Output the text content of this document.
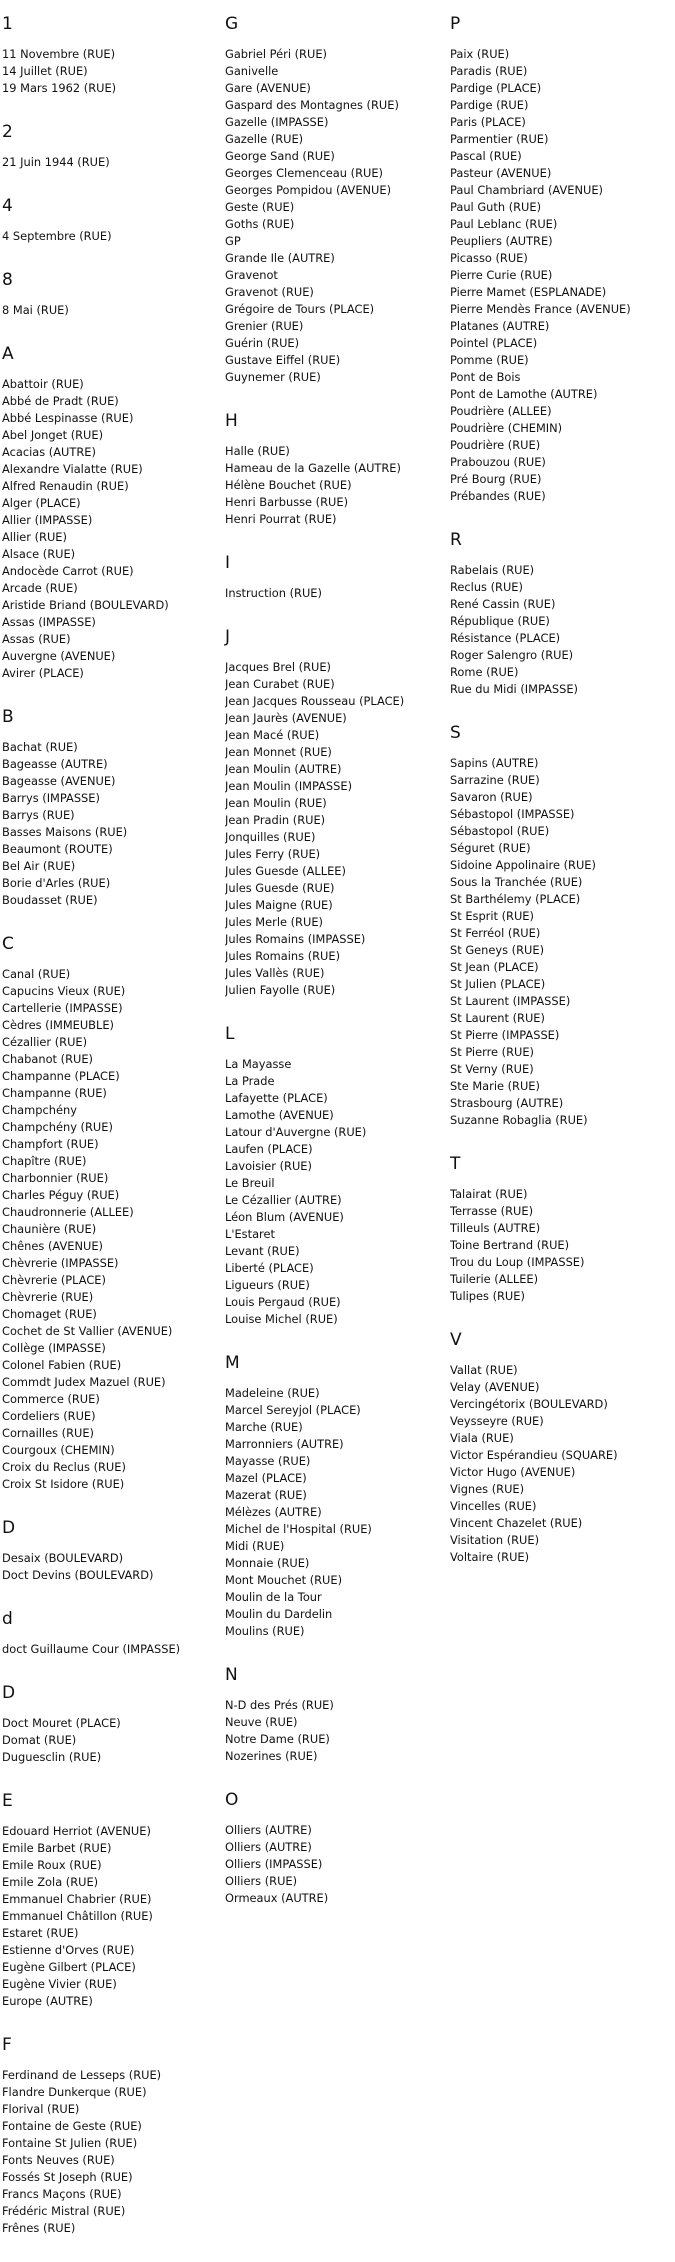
1
11 Novembre (RUE)
14 Juillet (RUE)
19 Mars 1962 (RUE)
2
21 Juin 1944 (RUE)
4
4 Septembre (RUE)
8
8 Mai (RUE)
A
Abattoir (RUE)
Abbé de Pradt (RUE)
Abbé Lespinasse (RUE)
Abel Jonget (RUE)
Acacias (AUTRE)
Alexandre Vialatte (RUE)
Alfred Renaudin (RUE)
Alger (PLACE)
Allier (IMPASSE)
Allier (RUE)
Alsace (RUE)
Andocède Carrot (RUE)
Arcade (RUE)
Aristide Briand (BOULEVARD)
Assas (IMPASSE)
Assas (RUE)
Auvergne (AVENUE)
Avirer (PLACE)
B
Bachat (RUE)
Bageasse (AUTRE)
Bageasse (AVENUE)
Barrys (IMPASSE)
Barrys (RUE)
Basses Maisons (RUE)
Beaumont (ROUTE)
Bel Air (RUE)
Borie d'Arles (RUE)
Boudasset (RUE)
C
Canal (RUE)
Capucins Vieux (RUE)
Cartellerie (IMPASSE)
Cèdres (IMMEUBLE)
Cézallier (RUE)
Chabanot (RUE)
Champanne (PLACE)
Champanne (RUE)
Champchény
Champchény (RUE)
Champfort (RUE)
Chapître (RUE)
Charbonnier (RUE)
Charles Péguy (RUE)
Chaudronnerie (ALLEE)
Chaunière (RUE)
Chênes (AVENUE)
Chèvrerie (IMPASSE)
Chèvrerie (PLACE)
Chèvrerie (RUE)
Chomaget (RUE)
Cochet de St Vallier (AVENUE)
Collège (IMPASSE)
Colonel Fabien (RUE)
Commdt Judex Mazuel (RUE)
Commerce (RUE)
Cordeliers (RUE)
Cornailles (RUE)
Courgoux (CHEMIN)
Croix du Reclus (RUE)
Croix St Isidore (RUE)
D
Desaix (BOULEVARD)
Doct Devins (BOULEVARD)
d
doct Guillaume Cour (IMPASSE)
D
Doct Mouret (PLACE)
Domat (RUE)
Duguesclin (RUE)
E
Edouard Herriot (AVENUE)
Emile Barbet (RUE)
Emile Roux (RUE)
Emile Zola (RUE)
Emmanuel Chabrier (RUE)
Emmanuel Châtillon (RUE)
Estaret (RUE)
Estienne d'Orves (RUE)
Eugène Gilbert (PLACE)
Eugène Vivier (RUE)
Europe (AUTRE)
F
Ferdinand de Lesseps (RUE)
Flandre Dunkerque (RUE)
Florival (RUE)
Fontaine de Geste (RUE)
Fontaine St Julien (RUE)
Fonts Neuves (RUE)
Fossés St Joseph (RUE)
Francs Maçons (RUE)
Frédéric Mistral (RUE)
Frênes (RUE)
G
Gabriel Péri (RUE)
Ganivelle
Gare (AVENUE)
Gaspard des Montagnes (RUE)
Gazelle (IMPASSE)
Gazelle (RUE)
George Sand (RUE)
Georges Clemenceau (RUE)
Georges Pompidou (AVENUE)
Geste (RUE)
Goths (RUE)
GP
Grande Ile (AUTRE)
Gravenot
Gravenot (RUE)
Grégoire de Tours (PLACE)
Grenier (RUE)
Guérin (RUE)
Gustave Eiffel (RUE)
Guynemer (RUE)
H
Halle (RUE)
Hameau de la Gazelle (AUTRE)
Hélène Bouchet (RUE)
Henri Barbusse (RUE)
Henri Pourrat (RUE)
I
Instruction (RUE)
J
Jacques Brel (RUE)
Jean Curabet (RUE)
Jean Jacques Rousseau (PLACE)
Jean Jaurès (AVENUE)
Jean Macé (RUE)
Jean Monnet (RUE)
Jean Moulin (AUTRE)
Jean Moulin (IMPASSE)
Jean Moulin (RUE)
Jean Pradin (RUE)
Jonquilles (RUE)
Jules Ferry (RUE)
Jules Guesde (ALLEE)
Jules Guesde (RUE)
Jules Maigne (RUE)
Jules Merle (RUE)
Jules Romains (IMPASSE)
Jules Romains (RUE)
Jules Vallès (RUE)
Julien Fayolle (RUE)
L
La Mayasse
La Prade
Lafayette (PLACE)
Lamothe (AVENUE)
Latour d'Auvergne (RUE)
Laufen (PLACE)
Lavoisier (RUE)
Le Breuil
Le Cézallier (AUTRE)
Léon Blum (AVENUE)
L'Estaret
Levant (RUE)
Liberté (PLACE)
Ligueurs (RUE)
Louis Pergaud (RUE)
Louise Michel (RUE)
M
Madeleine (RUE)
Marcel Sereyjol (PLACE)
Marche (RUE)
Marronniers (AUTRE)
Mayasse (RUE)
Mazel (PLACE)
Mazerat (RUE)
Mélèzes (AUTRE)
Michel de l'Hospital (RUE)
Midi (RUE)
Monnaie (RUE)
Mont Mouchet (RUE)
Moulin de la Tour
Moulin du Dardelin
Moulins (RUE)
N
N-D des Prés (RUE)
Neuve (RUE)
Notre Dame (RUE)
Nozerines (RUE)
O
Olliers (AUTRE)
Olliers (AUTRE)
Olliers (IMPASSE)
Olliers (RUE)
Ormeaux (AUTRE)
P
Paix (RUE)
Paradis (RUE)
Pardige (PLACE)
Pardige (RUE)
Paris (PLACE)
Parmentier (RUE)
Pascal (RUE)
Pasteur (AVENUE)
Paul Chambriard (AVENUE)
Paul Guth (RUE)
Paul Leblanc (RUE)
Peupliers (AUTRE)
Picasso (RUE)
Pierre Curie (RUE)
Pierre Mamet (ESPLANADE)
Pierre Mendès France (AVENUE)
Platanes (AUTRE)
Pointel (PLACE)
Pomme (RUE)
Pont de Bois
Pont de Lamothe (AUTRE)
Poudrière (ALLEE)
Poudrière (CHEMIN)
Poudrière (RUE)
Prabouzou (RUE)
Pré Bourg (RUE)
Prébandes (RUE)
R
Rabelais (RUE)
Reclus (RUE)
René Cassin (RUE)
République (RUE)
Résistance (PLACE)
Roger Salengro (RUE)
Rome (RUE)
Rue du Midi (IMPASSE)
S
Sapins (AUTRE)
Sarrazine (RUE)
Savaron (RUE)
Sébastopol (IMPASSE)
Sébastopol (RUE)
Séguret (RUE)
Sidoine Appolinaire (RUE)
Sous la Tranchée (RUE)
St Barthélemy (PLACE)
St Esprit (RUE)
St Ferréol (RUE)
St Geneys (RUE)
St Jean (PLACE)
St Julien (PLACE)
St Laurent (IMPASSE)
St Laurent (RUE)
St Pierre (IMPASSE)
St Pierre (RUE)
St Verny (RUE)
Ste Marie (RUE)
Strasbourg (AUTRE)
Suzanne Robaglia (RUE)
T
Talairat (RUE)
Terrasse (RUE)
Tilleuls (AUTRE)
Toine Bertrand (RUE)
Trou du Loup (IMPASSE)
Tuilerie (ALLEE)
Tulipes (RUE)
V
Vallat (RUE)
Velay (AVENUE)
Vercingétorix (BOULEVARD)
Veysseyre (RUE)
Viala (RUE)
Victor Espérandieu (SQUARE)
Victor Hugo (AVENUE)
Vignes (RUE)
Vincelles (RUE)
Vincent Chazelet (RUE)
Visitation (RUE)
Voltaire (RUE)
